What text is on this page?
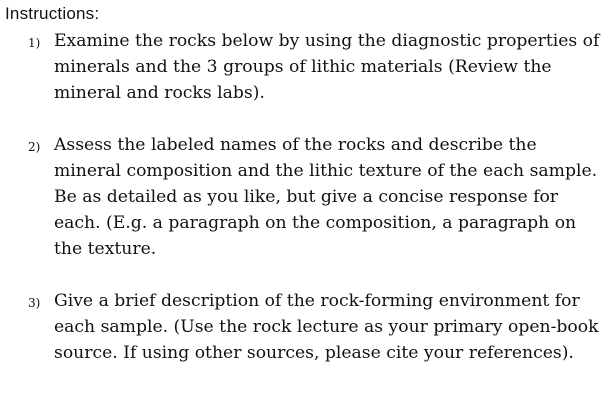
Instructions:
1) Examine the rocks below by using the diagnostic properties of minerals and the 3 groups of lithic materials (Review the mineral and rocks labs).
2) Assess the labeled names of the rocks and describe the mineral composition and the lithic texture of the each sample. Be as detailed as you like, but give a concise response for each. (E.g. a paragraph on the composition, a paragraph on the texture.
3) Give a brief description of the rock-forming environment for each sample. (Use the rock lecture as your primary open-book source. If using other sources, please cite your references).
